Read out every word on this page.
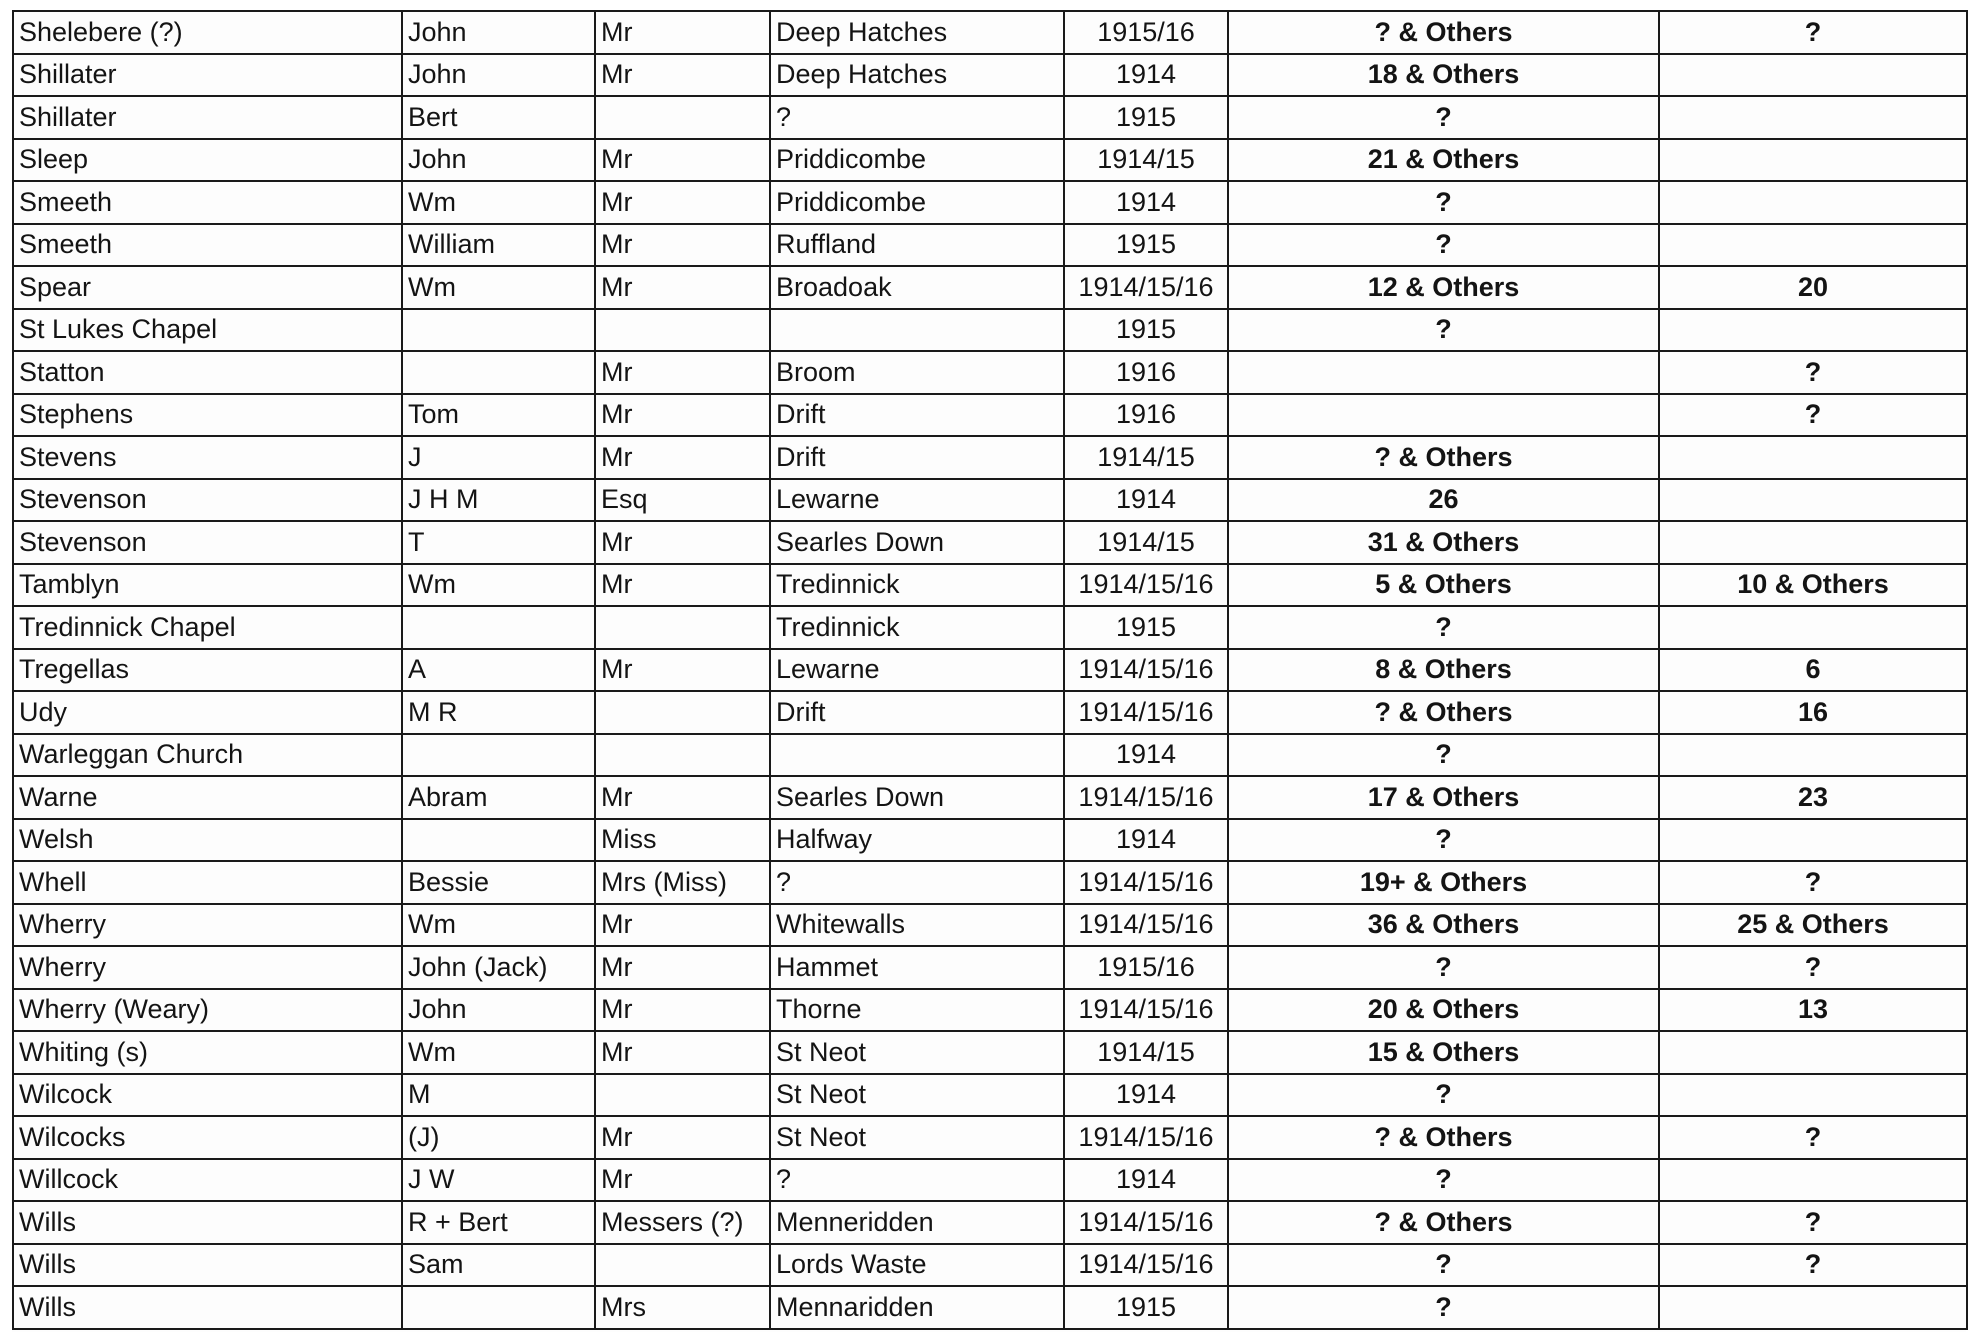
Shelebere (?)	John	Mr	Deep Hatches	1915/16	? & Others	?
Shillater	John	Mr	Deep Hatches	1914	18 & Others	
Shillater	Bert		?	1915	?	
Sleep	John	Mr	Priddicombe	1914/15	21 & Others	
Smeeth	Wm	Mr	Priddicombe	1914	?	
Smeeth	William	Mr	Ruffland	1915	?	
Spear	Wm	Mr	Broadoak	1914/15/16	12 & Others	20
St Lukes Chapel				1915	?	
Statton		Mr	Broom	1916		?
Stephens	Tom	Mr	Drift	1916		?
Stevens	J	Mr	Drift	1914/15	? & Others	
Stevenson	J H M	Esq	Lewarne	1914	26	
Stevenson	T	Mr	Searles Down	1914/15	31 & Others	
Tamblyn	Wm	Mr	Tredinnick	1914/15/16	5 & Others	10 & Others
Tredinnick Chapel			Tredinnick	1915	?	
Tregellas	A	Mr	Lewarne	1914/15/16	8 & Others	6
Udy	M R		Drift	1914/15/16	? & Others	16
Warleggan Church				1914	?	
Warne	Abram	Mr	Searles Down	1914/15/16	17 & Others	23
Welsh		Miss	Halfway	1914	?	
Whell	Bessie	Mrs (Miss)	?	1914/15/16	19+ & Others	?
Wherry	Wm	Mr	Whitewalls	1914/15/16	36 & Others	25 & Others
Wherry	John (Jack)	Mr	Hammet	1915/16	?	?
Wherry (Weary)	John	Mr	Thorne	1914/15/16	20 & Others	13
Whiting (s)	Wm	Mr	St Neot	1914/15	15 & Others	
Wilcock	M		St Neot	1914	?	
Wilcocks	(J)	Mr	St Neot	1914/15/16	? & Others	?
Willcock	J W	Mr	?	1914	?	
Wills	R + Bert	Messers (?)	Menneridden	1914/15/16	? & Others	?
Wills	Sam		Lords Waste	1914/15/16	?	?
Wills		Mrs	Mennaridden	1915	?	
